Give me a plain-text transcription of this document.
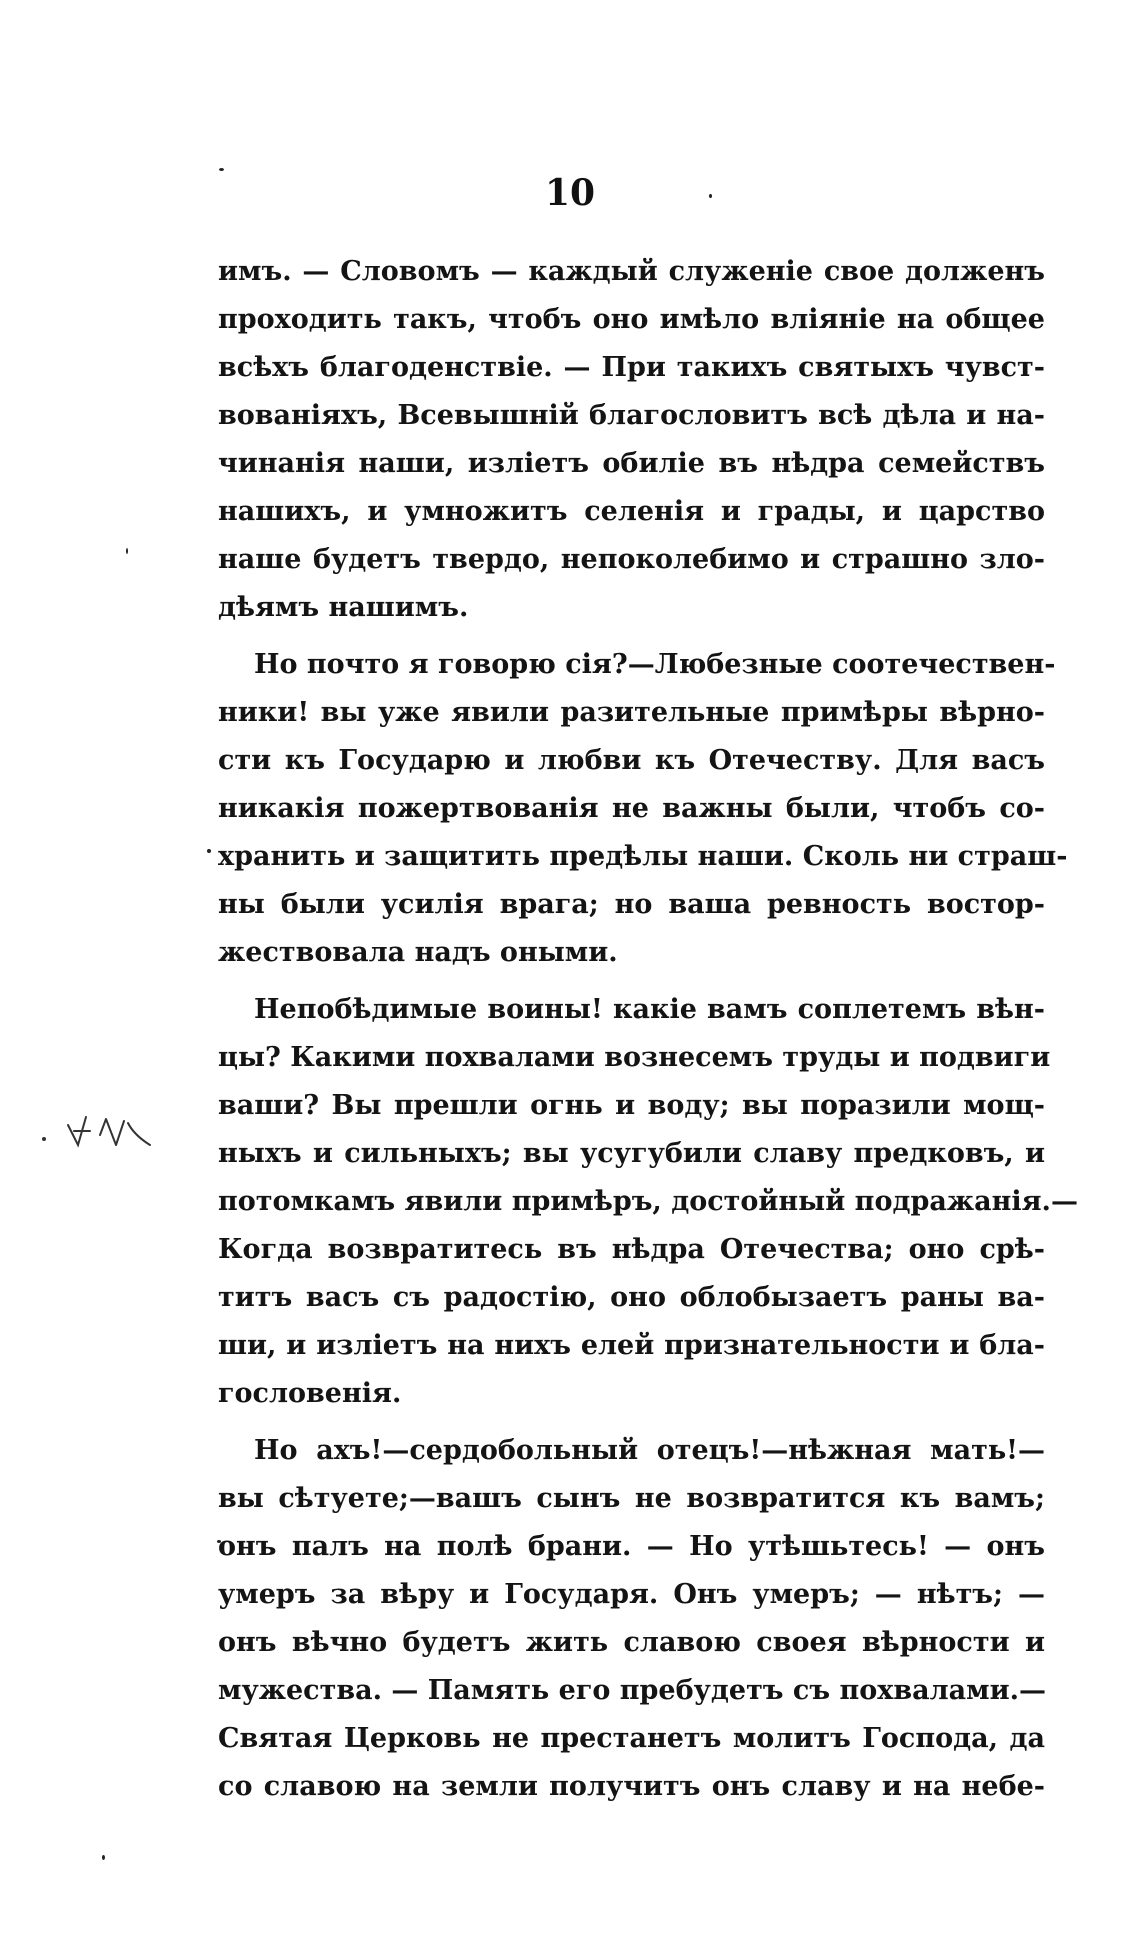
10
имъ. — Словомъ — каждый служеніе свое долженъ
проходить такъ, чтобъ оно имѣло вліяніе на общее
всѣхъ благоденствіе. — При такихъ святыхъ чувст-
вованіяхъ, Всевышній благословитъ всѣ дѣла и на-
чинанія наши, изліетъ обиліе въ нѣдра семействъ
нашихъ, и умножитъ селенія и грады, и царство
наше будетъ твердо, непоколебимо и страшно зло-
дѣямъ нашимъ.
Но почто я говорю сія?—Любезные соотечествен-
ники! вы уже явили разительные примѣры вѣрно-
сти къ Государю и любви къ Отечеству. Для васъ
никакія пожертвованія не важны были, чтобъ со-
хранить и защитить предѣлы наши. Сколь ни страш-
ны были усилія врага; но ваша ревность востор-
жествовала надъ оными.
Непобѣдимые воины! какіе вамъ соплетемъ вѣн-
цы? Какими похвалами вознесемъ труды и подвиги
ваши? Вы прешли огнь и воду; вы поразили мощ-
ныхъ и сильныхъ; вы усугубили славу предковъ, и
потомкамъ явили примѣръ, достойный подражанія.—
Когда возвратитесь въ нѣдра Отечества; оно срѣ-
титъ васъ съ радостію, оно облобызаетъ раны ва-
ши, и изліетъ на нихъ елей признательности и бла-
гословенія.
Но ахъ!—сердобольный отецъ!—нѣжная мать!—
вы сѣтуете;—вашъ сынъ не возвратится къ вамъ;
онъ палъ на полѣ брани. — Но утѣшьтесь! — онъ
умеръ за вѣру и Государя. Онъ умеръ; — нѣтъ; —
онъ вѣчно будетъ жить славою своея вѣрности и
мужества. — Память его пребудетъ съ похвалами.—
Святая Церковь не престанетъ молитъ Господа, да
со славою на земли получитъ онъ славу и на небе-
